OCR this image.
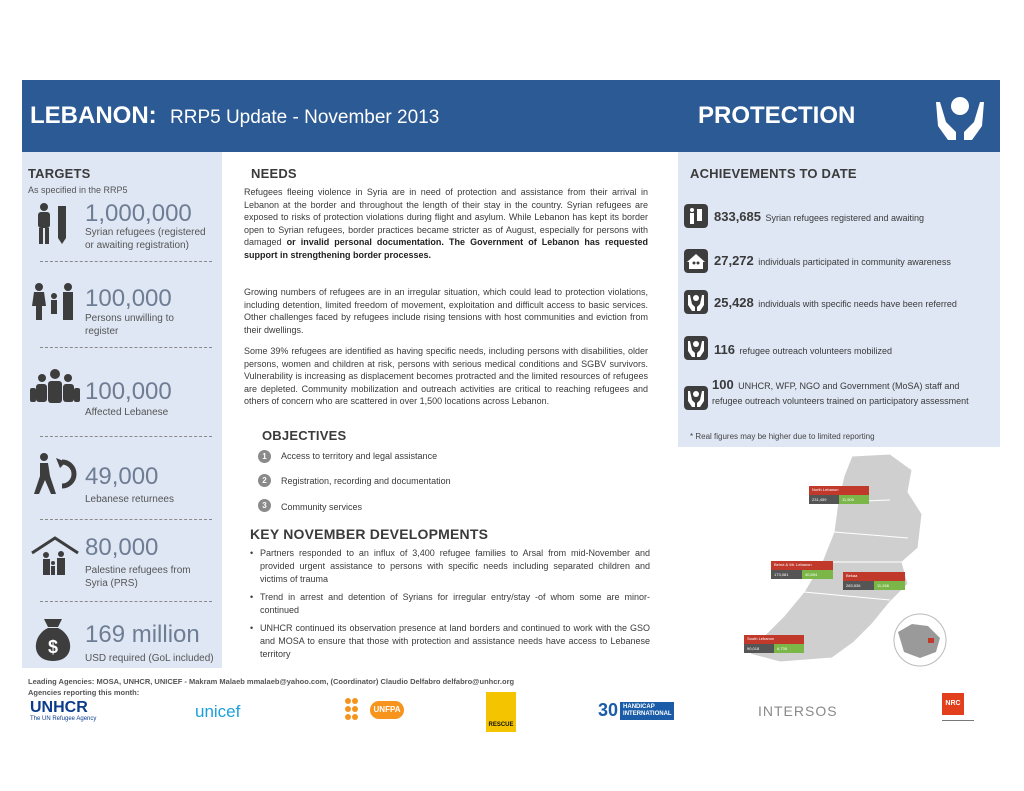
LEBANON: RRP5 Update - November 2013	PROTECTION
TARGETS
As specified in the RRP5
1,000,000
Syrian refugees (registered or awaiting registration)
100,000
Persons unwilling to register
100,000
Affected Lebanese
49,000
Lebanese returnees
80,000
Palestine refugees from Syria (PRS)
$ 169 million
USD required (GoL included)
NEEDS
Refugees fleeing violence in Syria are in need of protection and assistance from their arrival in Lebanon at the border and throughout the length of their stay in the country. Syrian refugees are exposed to risks of protection violations during flight and asylum. While Lebanon has kept its border open to Syrian refugees, border practices became stricter as of August, especially for persons with damaged or invalid personal documentation. The Government of Lebanon has requested support in strengthening border processes.
Growing numbers of refugees are in an irregular situation, which could lead to protection violations, including detention, limited freedom of movement, exploitation and difficult access to basic services. Other challenges faced by refugees include rising tensions with host communities and eviction from their dwellings.
Some 39% refugees are identified as having specific needs, including persons with disabilities, older persons, women and children at risk, persons with serious medical conditions and SGBV survivors. Vulnerability is increasing as displacement becomes protracted and the limited resources of refugees are depleted. Community mobilization and outreach activities are critical to reaching refugees and others of concern who are scattered in over 1,500 locations across Lebanon.
OBJECTIVES
1	Access to territory and legal assistance
2	Registration, recording and documentation
3	Community services
KEY NOVEMBER DEVELOPMENTS
• Partners responded to an influx of 3,400 refugee families to Arsal from mid-November and provided urgent assistance to persons with specific needs including separated children and victims of trauma
• Trend in arrest and detention of Syrians for irregular entry/stay -of whom some are minor- continued
• UNHCR continued its observation presence at land borders and continued to work with the GSO and MOSA to ensure that those with protection and assistance needs have access to Lebanese territory
ACHIEVEMENTS TO DATE
833,685 Syrian refugees registered and awaiting
27,272 individuals participated in community awareness
25,428 individuals with specific needs have been referred
116 refugee outreach volunteers mobilized
100 UNHCR, WFP, NGO and Government (MoSA) staff and
refugee outreach volunteers trained on participatory assessment
* Real figures may be higher due to limited reporting
North Lebanon
231,459	11,500
Beirut & Mt. Lebanon
173,081	40,894	Bekaa
283,536	11,266
South Lebanon
90,018	6,735
Leading Agencies: MOSA, UNHCR, UNICEF - Makram Malaeb mmalaeb@yahoo.com, (Coordinator) Claudio Delfabro delfabro@unhcr.org
Agencies reporting this month:
UNHCR
The UN Refugee Agency	unicef	UNFPA
RESCUE
30 HANDICAP INTERNATIONAL	INTERSOS	NRC
